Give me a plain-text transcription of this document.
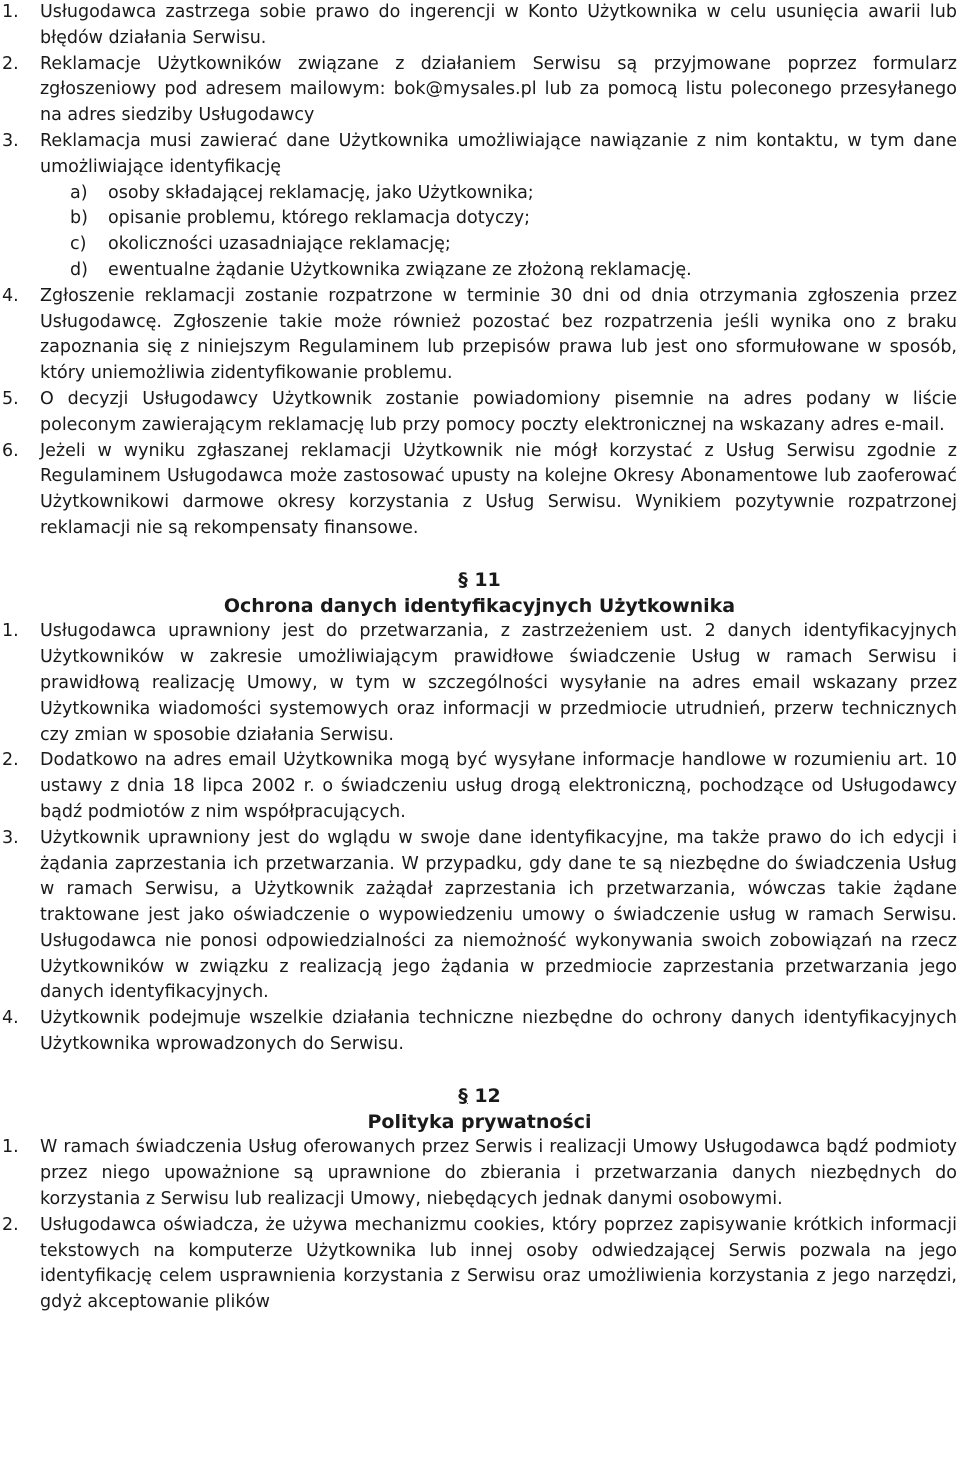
1.	Usługodawca zastrzega sobie prawo do ingerencji w Konto Użytkownika w celu usunięcia awarii lub błędów działania Serwisu.
2.	Reklamacje Użytkowników związane z działaniem Serwisu są przyjmowane poprzez formularz zgłoszeniowy pod adresem mailowym: bok@mysales.pl lub za pomocą listu poleconego przesyłanego na adres siedziby Usługodawcy
3.	Reklamacja musi zawierać dane Użytkownika umożliwiające nawiązanie z nim kontaktu, w tym dane umożliwiające identyfikację
a)	osoby składającej reklamację, jako Użytkownika;
b)	opisanie problemu, którego reklamacja dotyczy;
c)	okoliczności uzasadniające reklamację;
d)	ewentualne żądanie Użytkownika związane ze złożoną reklamację.
4.	Zgłoszenie reklamacji zostanie rozpatrzone w terminie 30 dni od dnia otrzymania zgłoszenia przez Usługodawcę. Zgłoszenie takie może również pozostać bez rozpatrzenia jeśli wynika ono z braku zapoznania się z niniejszym Regulaminem lub przepisów prawa lub jest ono sformułowane w sposób, który uniemożliwia zidentyfikowanie problemu.
5.	O decyzji Usługodawcy Użytkownik zostanie powiadomiony pisemnie na adres podany w liście poleconym zawierającym reklamację lub przy pomocy poczty elektronicznej na wskazany adres e-mail.
6.	Jeżeli w wyniku zgłaszanej reklamacji Użytkownik nie mógł korzystać z Usług Serwisu zgodnie z Regulaminem Usługodawca może zastosować upusty na kolejne Okresy Abonamentowe lub zaoferować Użytkownikowi darmowe okresy korzystania z Usług Serwisu. Wynikiem pozytywnie rozpatrzonej reklamacji nie są rekompensaty finansowe.
§ 11
Ochrona danych identyfikacyjnych Użytkownika
1.	Usługodawca uprawniony jest do przetwarzania, z zastrzeżeniem ust. 2 danych identyfikacyjnych Użytkowników w zakresie umożliwiającym prawidłowe świadczenie Usług w ramach Serwisu i prawidłową realizację Umowy, w tym w szczególności wysyłanie na adres email wskazany przez Użytkownika wiadomości systemowych oraz informacji w przedmiocie utrudnień, przerw technicznych czy zmian w sposobie działania Serwisu.
2.	Dodatkowo na adres email Użytkownika mogą być wysyłane informacje handlowe w rozumieniu art. 10 ustawy z dnia 18 lipca 2002 r. o świadczeniu usług drogą elektroniczną, pochodzące od Usługodawcy bądź podmiotów z nim współpracujących.
3.	Użytkownik uprawniony jest do wglądu w swoje dane identyfikacyjne, ma także prawo do ich edycji i żądania zaprzestania ich przetwarzania. W przypadku, gdy dane te są niezbędne do świadczenia Usług w ramach Serwisu, a Użytkownik zażądał zaprzestania ich przetwarzania, wówczas takie żądane traktowane jest jako oświadczenie o wypowiedzeniu umowy o świadczenie usług w ramach Serwisu. Usługodawca nie ponosi odpowiedzialności za niemożność wykonywania swoich zobowiązań na rzecz Użytkowników w związku z realizacją jego żądania w przedmiocie zaprzestania przetwarzania jego danych identyfikacyjnych.
4.	Użytkownik podejmuje wszelkie działania techniczne niezbędne do ochrony danych identyfikacyjnych Użytkownika wprowadzonych do Serwisu.
§ 12
Polityka prywatności
1.	W ramach świadczenia Usług oferowanych przez Serwis i realizacji Umowy Usługodawca bądź podmioty przez niego upoważnione są uprawnione do zbierania i przetwarzania danych niezbędnych do korzystania z Serwisu lub realizacji Umowy, niebędących jednak danymi osobowymi.
2.	Usługodawca oświadcza, że używa mechanizmu cookies, który poprzez zapisywanie krótkich informacji tekstowych na komputerze Użytkownika lub innej osoby odwiedzającej Serwis pozwala na jego identyfikację celem usprawnienia korzystania z Serwisu oraz umożliwienia korzystania z jego narzędzi, gdyż akceptowanie plików
